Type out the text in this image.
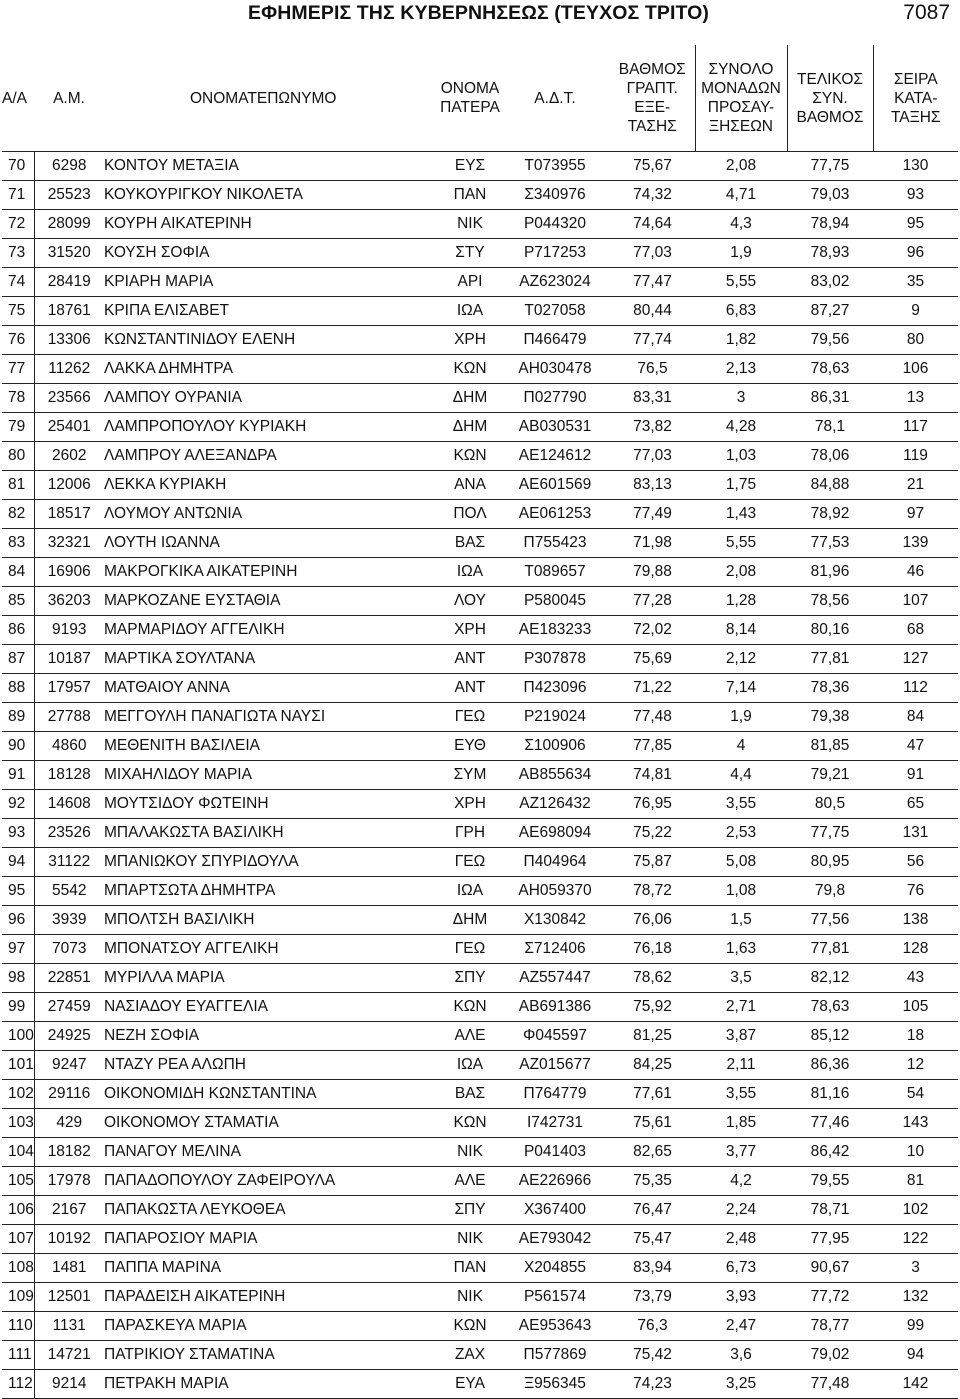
ΕΦΗΜΕΡΙΣ ΤΗΣ ΚΥΒΕΡΝΗΣΕΩΣ (ΤΕΥΧΟΣ ΤΡΙΤΟ)	7087
Α/Α	Α.Μ.	ΟΝΟΜΑΤΕΠΩΝΥΜΟ	ΟΝΟΜΑ
ΠΑΤΕΡΑ	Α.Δ.Τ.	ΒΑΘΜΟΣ
ΓΡΑΠΤ.
ΕΞΕ-
ΤΑΣΗΣ	ΣΥΝΟΛΟ
ΜΟΝΑΔΩΝ
ΠΡΟΣΑΥ-
ΞΗΣΕΩΝ	ΤΕΛΙΚΟΣ
ΣΥΝ.
ΒΑΘΜΟΣ	ΣΕΙΡΑ
ΚΑΤΑ-
ΤΑΞΗΣ

70	6298	ΚΟΝΤΟΥ ΜΕΤΑΞΙΑ	ΕΥΣ	Τ073955	75,67	2,08	77,75	130
71	25523	ΚΟΥΚΟΥΡΙΓΚΟΥ ΝΙΚΟΛΕΤΑ	ΠΑΝ	Σ340976	74,32	4,71	79,03	93
72	28099	ΚΟΥΡΗ ΑΙΚΑΤΕΡΙΝΗ	ΝΙΚ	Ρ044320	74,64	4,3	78,94	95
73	31520	ΚΟΥΣΗ ΣΟΦΙΑ	ΣΤΥ	Ρ717253	77,03	1,9	78,93	96
74	28419	ΚΡΙΑΡΗ ΜΑΡΙΑ	ΑΡΙ	ΑΖ623024	77,47	5,55	83,02	35
75	18761	ΚΡΙΠΑ ΕΛΙΣΑΒΕΤ	ΙΩΑ	Τ027058	80,44	6,83	87,27	9
76	13306	ΚΩΝΣΤΑΝΤΙΝΙΔΟΥ ΕΛΕΝΗ	ΧΡΗ	Π466479	77,74	1,82	79,56	80
77	11262	ΛΑΚΚΑ ΔΗΜΗΤΡΑ	ΚΩΝ	ΑΗ030478	76,5	2,13	78,63	106
78	23566	ΛΑΜΠΟΥ ΟΥΡΑΝΙΑ	ΔΗΜ	Π027790	83,31	3	86,31	13
79	25401	ΛΑΜΠΡΟΠΟΥΛΟΥ ΚΥΡΙΑΚΗ	ΔΗΜ	ΑΒ030531	73,82	4,28	78,1	117
80	2602	ΛΑΜΠΡΟΥ ΑΛΕΞΑΝΔΡΑ	ΚΩΝ	ΑΕ124612	77,03	1,03	78,06	119
81	12006	ΛΕΚΚΑ ΚΥΡΙΑΚΗ	ΑΝΑ	ΑΕ601569	83,13	1,75	84,88	21
82	18517	ΛΟΥΜΟΥ ΑΝΤΩΝΙΑ	ΠΟΛ	ΑΕ061253	77,49	1,43	78,92	97
83	32321	ΛΟΥΤΗ ΙΩΑΝΝΑ	ΒΑΣ	Π755423	71,98	5,55	77,53	139
84	16906	ΜΑΚΡΟΓΚΙΚΑ ΑΙΚΑΤΕΡΙΝΗ	ΙΩΑ	Τ089657	79,88	2,08	81,96	46
85	36203	ΜΑΡΚΟΖΑΝΕ ΕΥΣΤΑΘΙΑ	ΛΟΥ	Ρ580045	77,28	1,28	78,56	107
86	9193	ΜΑΡΜΑΡΙΔΟΥ ΑΓΓΕΛΙΚΗ	ΧΡΗ	ΑΕ183233	72,02	8,14	80,16	68
87	10187	ΜΑΡΤΙΚΑ ΣΟΥΛΤΑΝΑ	ΑΝΤ	Ρ307878	75,69	2,12	77,81	127
88	17957	ΜΑΤΘΑΙΟΥ ΑΝΝΑ	ΑΝΤ	Π423096	71,22	7,14	78,36	112
89	27788	ΜΕΓΓΟΥΛΗ ΠΑΝΑΓΙΩΤΑ ΝΑΥΣΙ	ΓΕΩ	Ρ219024	77,48	1,9	79,38	84
90	4860	ΜΕΘΕΝΙΤΗ ΒΑΣΙΛΕΙΑ	ΕΥΘ	Σ100906	77,85	4	81,85	47
91	18128	ΜΙΧΑΗΛΙΔΟΥ ΜΑΡΙΑ	ΣΥΜ	ΑΒ855634	74,81	4,4	79,21	91
92	14608	ΜΟΥΤΣΙΔΟΥ ΦΩΤΕΙΝΗ	ΧΡΗ	ΑΖ126432	76,95	3,55	80,5	65
93	23526	ΜΠΑΛΑΚΩΣΤΑ ΒΑΣΙΛΙΚΗ	ΓΡΗ	ΑΕ698094	75,22	2,53	77,75	131
94	31122	ΜΠΑΝΙΩΚΟΥ ΣΠΥΡΙΔΟΥΛΑ	ΓΕΩ	Π404964	75,87	5,08	80,95	56
95	5542	ΜΠΑΡΤΣΩΤΑ ΔΗΜΗΤΡΑ	ΙΩΑ	ΑΗ059370	78,72	1,08	79,8	76
96	3939	ΜΠΟΛΤΣΗ ΒΑΣΙΛΙΚΗ	ΔΗΜ	Χ130842	76,06	1,5	77,56	138
97	7073	ΜΠΟΝΑΤΣΟΥ ΑΓΓΕΛΙΚΗ	ΓΕΩ	Σ712406	76,18	1,63	77,81	128
98	22851	ΜΥΡΙΛΛΑ ΜΑΡΙΑ	ΣΠΥ	ΑΖ557447	78,62	3,5	82,12	43
99	27459	ΝΑΣΙΑΔΟΥ ΕΥΑΓΓΕΛΙΑ	ΚΩΝ	ΑΒ691386	75,92	2,71	78,63	105
100	24925	ΝΕΖΗ ΣΟΦΙΑ	ΑΛΕ	Φ045597	81,25	3,87	85,12	18
101	9247	ΝΤΑΖΥ ΡΕΑ ΑΛΩΠΗ	ΙΩΑ	ΑΖ015677	84,25	2,11	86,36	12
102	29116	ΟΙΚΟΝΟΜΙΔΗ ΚΩΝΣΤΑΝΤΙΝΑ	ΒΑΣ	Π764779	77,61	3,55	81,16	54
103	429	ΟΙΚΟΝΟΜΟΥ ΣΤΑΜΑΤΙΑ	ΚΩΝ	Ι742731	75,61	1,85	77,46	143
104	18182	ΠΑΝΑΓΟΥ ΜΕΛΙΝΑ	ΝΙΚ	Ρ041403	82,65	3,77	86,42	10
105	17978	ΠΑΠΑΔΟΠΟΥΛΟΥ ΖΑΦΕΙΡΟΥΛΑ	ΑΛΕ	ΑΕ226966	75,35	4,2	79,55	81
106	2167	ΠΑΠΑΚΩΣΤΑ ΛΕΥΚΟΘΕΑ	ΣΠΥ	Χ367400	76,47	2,24	78,71	102
107	10192	ΠΑΠΑΡΟΣΙΟΥ ΜΑΡΙΑ	ΝΙΚ	ΑΕ793042	75,47	2,48	77,95	122
108	1481	ΠΑΠΠΑ ΜΑΡΙΝΑ	ΠΑΝ	Χ204855	83,94	6,73	90,67	3
109	12501	ΠΑΡΑΔΕΙΣΗ ΑΙΚΑΤΕΡΙΝΗ	ΝΙΚ	Ρ561574	73,79	3,93	77,72	132
110	1131	ΠΑΡΑΣΚΕΥΑ ΜΑΡΙΑ	ΚΩΝ	ΑΕ953643	76,3	2,47	78,77	99
111	14721	ΠΑΤΡΙΚΙΟΥ ΣΤΑΜΑΤΙΝΑ	ΖΑΧ	Π577869	75,42	3,6	79,02	94
112	9214	ΠΕΤΡΑΚΗ ΜΑΡΙΑ	ΕΥΑ	Ξ956345	74,23	3,25	77,48	142
